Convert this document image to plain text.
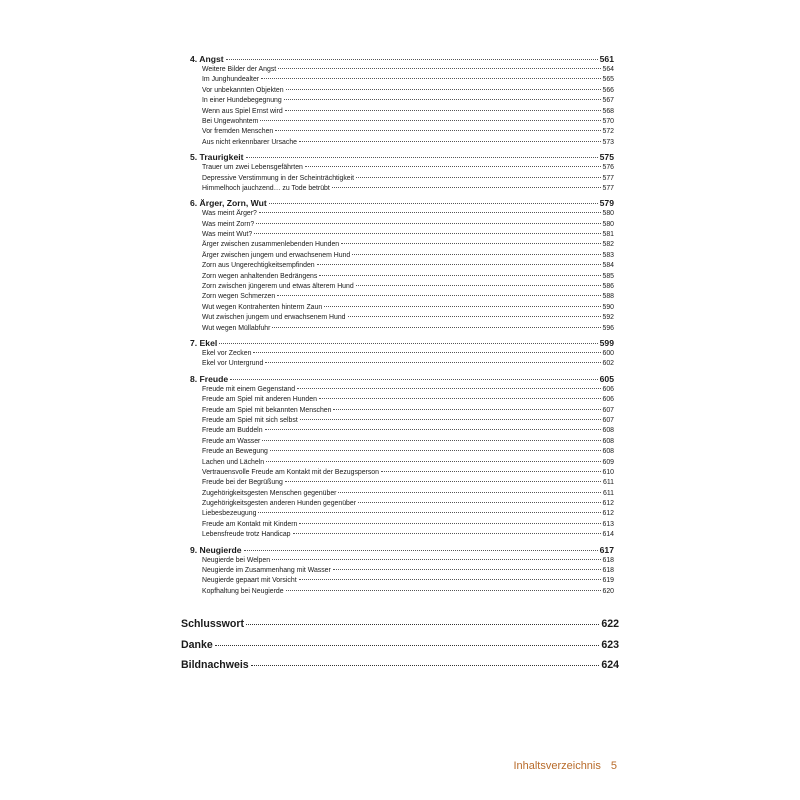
4. Angst	561
Weitere Bilder der Angst	564
Im Junghundealter	565
Vor unbekannten Objekten	566
In einer Hundebegegnung	567
Wenn aus Spiel Ernst wird	568
Bei Ungewohntem	570
Vor fremden Menschen	572
Aus nicht erkennbarer Ursache	573
5. Traurigkeit	575
Trauer um zwei Lebensgefährten	576
Depressive Verstimmung in der Scheinträchtigkeit	577
Himmelhoch jauchzend… zu Tode betrübt	577
6. Ärger, Zorn, Wut	579
Was meint Ärger?	580
Was meint Zorn?	580
Was meint Wut?	581
Ärger zwischen zusammenlebenden Hunden	582
Ärger zwischen jungem und erwachsenem Hund	583
Zorn aus Ungerechtigkeitsempfinden	584
Zorn wegen anhaltenden Bedrängens	585
Zorn zwischen jüngerem und etwas älterem Hund	586
Zorn wegen Schmerzen	588
Wut wegen Kontrahenten hinterm Zaun	590
Wut zwischen jungem und erwachsenem Hund	592
Wut wegen Müllabfuhr	596
7. Ekel	599
Ekel vor Zecken	600
Ekel vor Untergrund	602
8. Freude	605
Freude mit einem Gegenstand	606
Freude am Spiel mit anderen Hunden	606
Freude am Spiel mit bekannten Menschen	607
Freude am Spiel mit sich selbst	607
Freude am Buddeln	608
Freude am Wasser	608
Freude an Bewegung	608
Lachen und Lächeln	609
Vertrauensvolle Freude am Kontakt mit der Bezugsperson	610
Freude bei der Begrüßung	611
Zugehörigkeitsgesten Menschen gegenüber	611
Zugehörigkeitsgesten anderen Hunden gegenüber	612
Liebesbezeugung	612
Freude am Kontakt mit Kindern	613
Lebensfreude trotz Handicap	614
9. Neugierde	617
Neugierde bei Welpen	618
Neugierde im Zusammenhang mit Wasser	618
Neugierde gepaart mit Vorsicht	619
Kopfhaltung bei Neugierde	620
Schlusswort	622
Danke	623
Bildnachweis	624
Inhaltsverzeichnis 5
